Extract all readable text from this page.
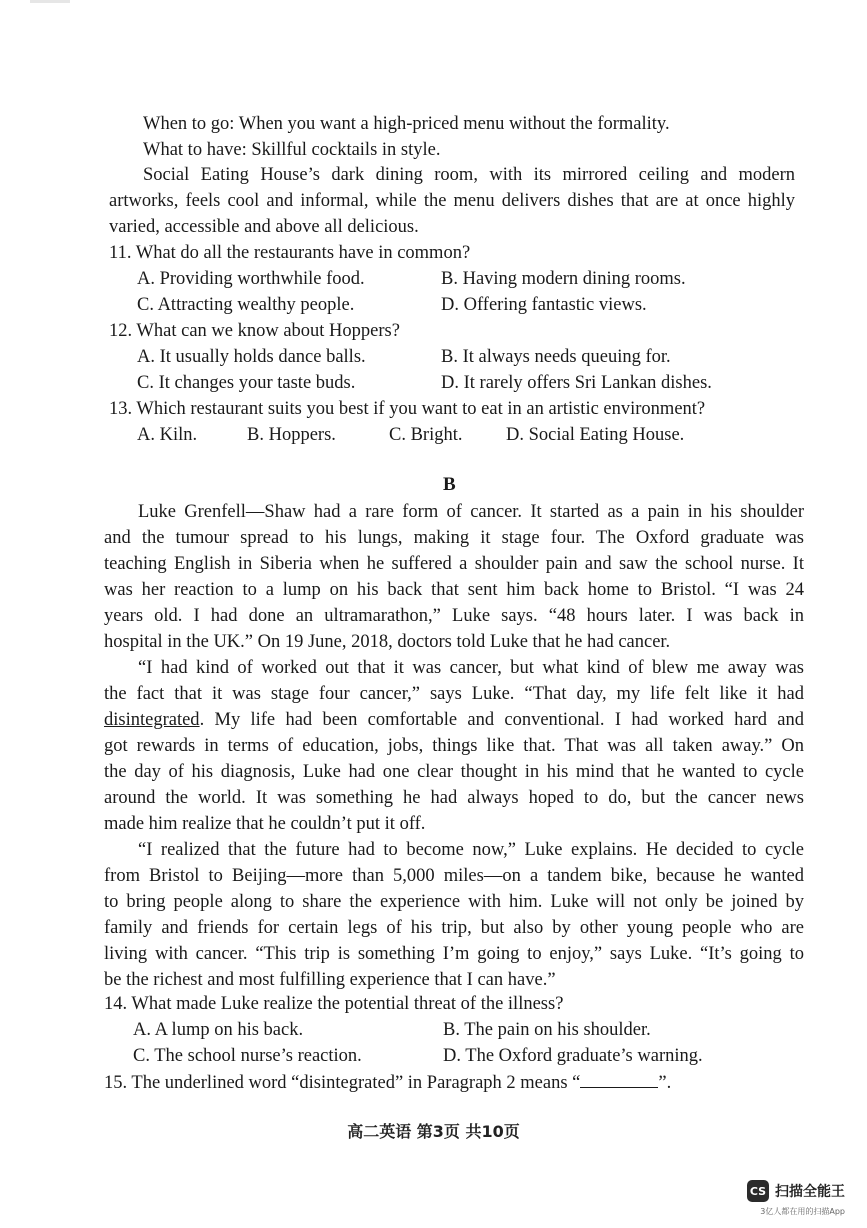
When to go: When you want a high-priced menu without the formality.
What to have: Skillful cocktails in style.
Social Eating House’s dark dining room, with its mirrored ceiling and modern
artworks, feels cool and informal, while the menu delivers dishes that are at once highly
varied, accessible and above all delicious.
11. What do all the restaurants have in common?
A. Providing worthwhile food.	B. Having modern dining rooms.
C. Attracting wealthy people.	D. Offering fantastic views.
12. What can we know about Hoppers?
A. It usually holds dance balls.	B. It always needs queuing for.
C. It changes your taste buds.	D. It rarely offers Sri Lankan dishes.
13. Which restaurant suits you best if you want to eat in an artistic environment?
A. Kiln.	B. Hoppers.	C. Bright. D. Social Eating House.
B
Luke Grenfell—Shaw had a rare form of cancer. It started as a pain in his shoulder
and the tumour spread to his lungs, making it stage four. The Oxford graduate was
teaching English in Siberia when he suffered a shoulder pain and saw the school nurse. It
was her reaction to a lump on his back that sent him back home to Bristol. “I was 24
years old. I had done an ultramarathon,” Luke says. “48 hours later. I was back in
hospital in the UK.” On 19 June, 2018, doctors told Luke that he had cancer.
“I had kind of worked out that it was cancer, but what kind of blew me away was
the fact that it was stage four cancer,” says Luke. “That day, my life felt like it had
disintegrated . My life had been comfortable and conventional. I had worked hard and
got rewards in terms of education, jobs, things like that. That was all taken away.” On
the day of his diagnosis, Luke had one clear thought in his mind that he wanted to cycle
around the world. It was something he had always hoped to do, but the cancer news
made him realize that he couldn’t put it off.
“I realized that the future had to become now,” Luke explains. He decided to cycle
from Bristol to Beijing—more than 5,000 miles—on a tandem bike, because he wanted
to bring people along to share the experience with him. Luke will not only be joined by
family and friends for certain legs of his trip, but also by other young people who are
living with cancer. “This trip is something I’m going to enjoy,” says Luke. “It’s going to
be the richest and most fulfilling experience that I can have.”
14. What made Luke realize the potential threat of the illness?
A. A lump on his back.	B. The pain on his shoulder.
C. The school nurse’s reaction.	D. The Oxford graduate’s warning.
15. The underlined word “disintegrated” in Paragraph 2 means “	”.
高二英语 第3页 共10页
CS 扫描全能王
3亿人都在用的扫描App
